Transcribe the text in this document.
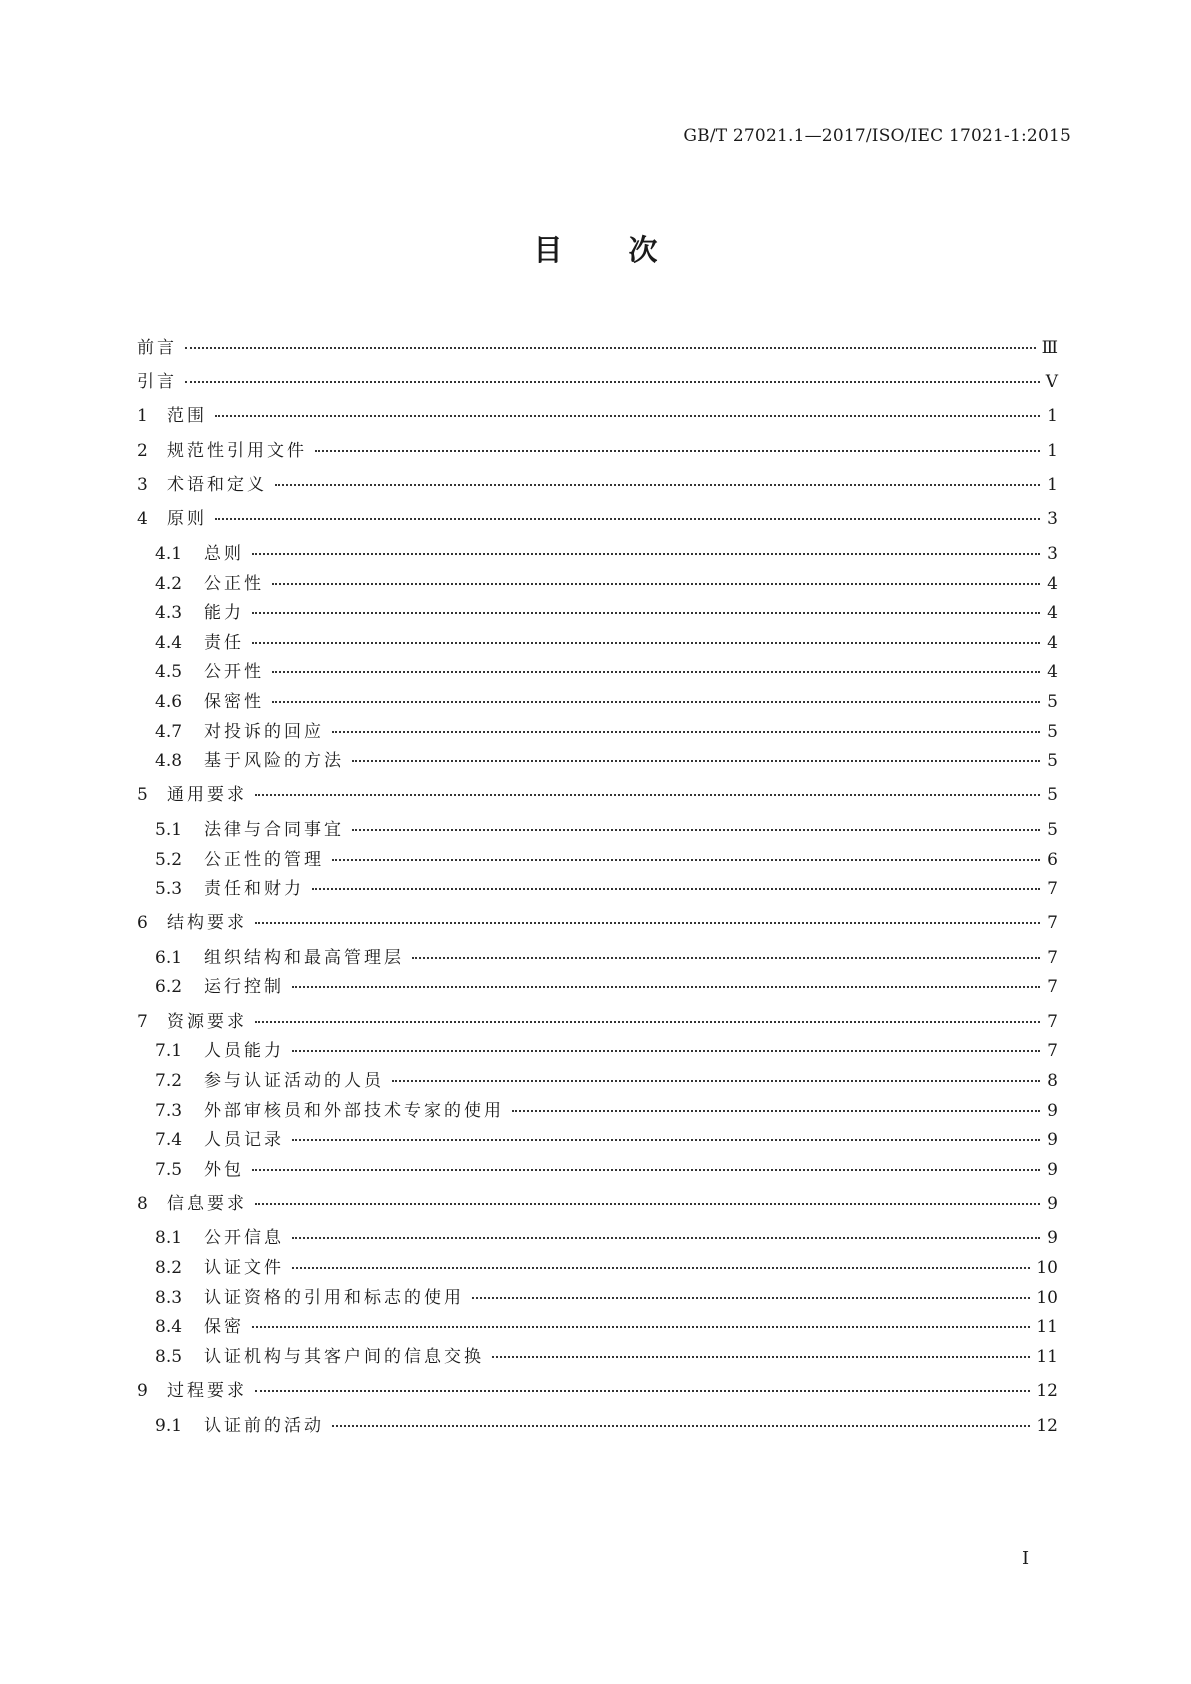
GB/T 27021.1—2017/ISO/IEC 17021-1:2015
目 次
前言	Ⅲ
引言	Ⅴ
1	范围	1
2	规范性引用文件	1
3	术语和定义	1
4	原则	3
4.1	总则	3
4.2	公正性	4
4.3	能力	4
4.4	责任	4
4.5	公开性	4
4.6	保密性	5
4.7	对投诉的回应	5
4.8	基于风险的方法	5
5	通用要求	5
5.1	法律与合同事宜	5
5.2	公正性的管理	6
5.3	责任和财力	7
6	结构要求	7
6.1	组织结构和最高管理层	7
6.2	运行控制	7
7	资源要求	7
7.1	人员能力	7
7.2	参与认证活动的人员	8
7.3	外部审核员和外部技术专家的使用	9
7.4	人员记录	9
7.5	外包	9
8	信息要求	9
8.1	公开信息	9
8.2	认证文件	10
8.3	认证资格的引用和标志的使用	10
8.4	保密	11
8.5	认证机构与其客户间的信息交换	11
9	过程要求	12
9.1	认证前的活动	12
I
